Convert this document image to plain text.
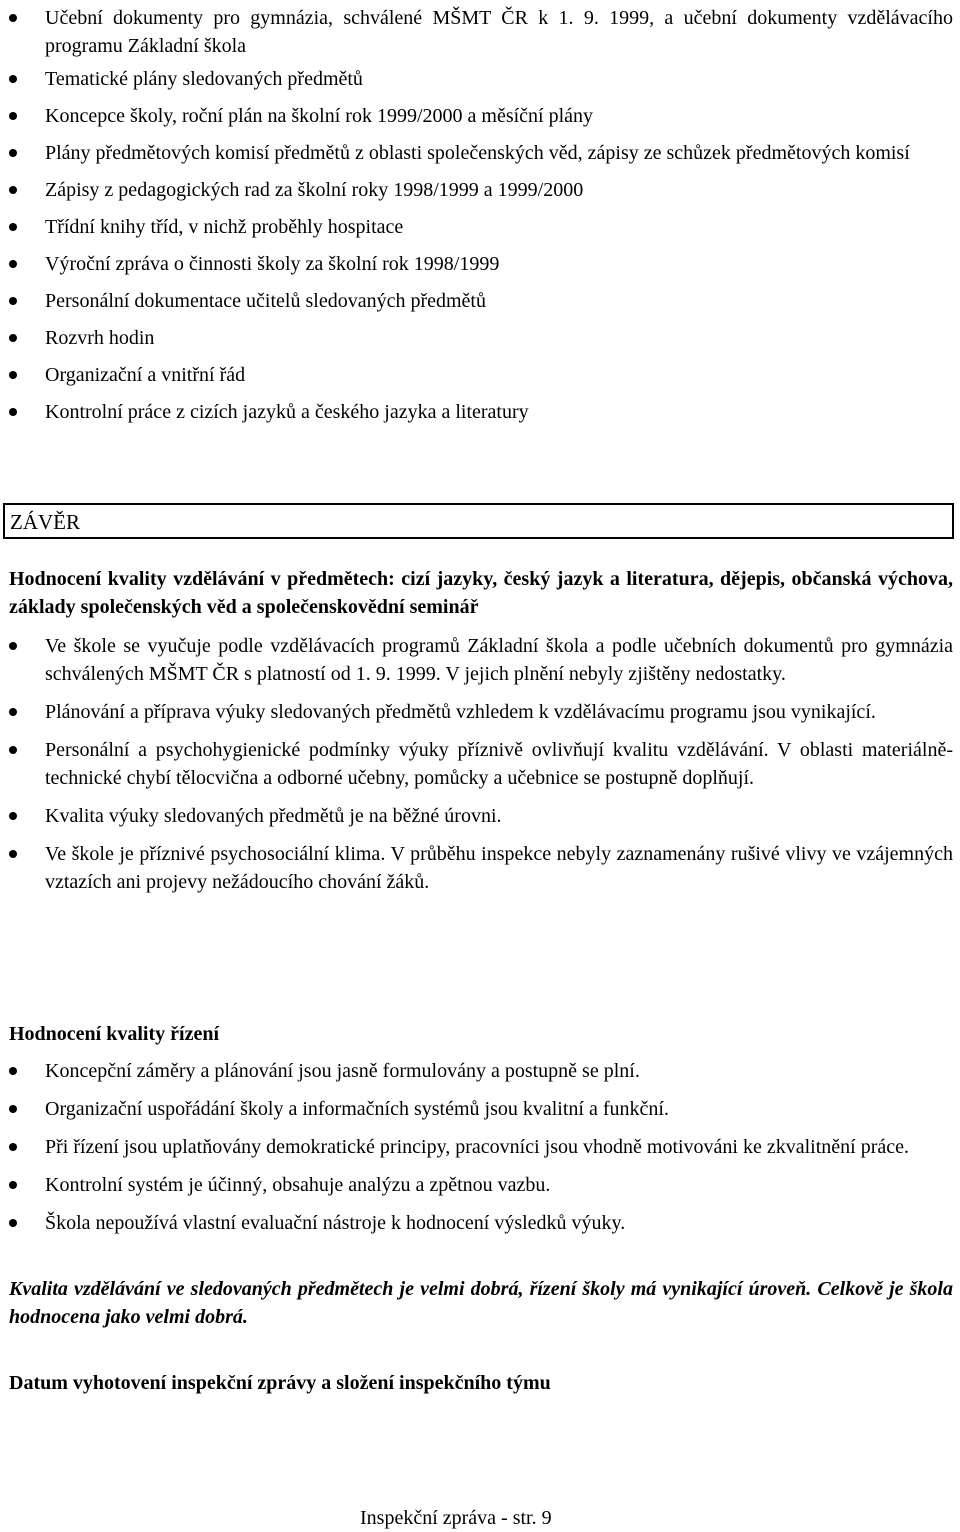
Učební dokumenty pro gymnázia, schválené MŠMT ČR k 1. 9. 1999, a učební dokumenty vzdělávacího programu Základní škola
Tematické plány sledovaných předmětů
Koncepce školy, roční plán na školní rok 1999/2000 a měsíční plány
Plány předmětových komisí předmětů z oblasti společenských věd, zápisy ze schůzek předmětových komisí
Zápisy z pedagogických rad za školní roky 1998/1999 a 1999/2000
Třídní knihy tříd, v nichž proběhly hospitace
Výroční zpráva o činnosti školy za školní rok 1998/1999
Personální dokumentace učitelů sledovaných předmětů
Rozvrh hodin
Organizační a vnitřní řád
Kontrolní práce z cizích jazyků a českého jazyka a literatury
ZÁVĚR
Hodnocení kvality vzdělávání v předmětech: cizí jazyky, český jazyk a literatura, dějepis, občanská výchova, základy společenských věd a společenskovědní seminář
Ve škole se vyučuje podle vzdělávacích programů Základní škola a podle učebních dokumentů pro gymnázia schválených MŠMT ČR s platností od 1. 9. 1999. V jejich plnění nebyly zjištěny nedostatky.
Plánování a příprava výuky sledovaných předmětů vzhledem k vzdělávacímu programu jsou vynikající.
Personální a psychohygienické podmínky výuky příznivě ovlivňují kvalitu vzdělávání. V oblasti materiálně-technické chybí tělocvična a odborné učebny, pomůcky a učebnice se postupně doplňují.
Kvalita výuky sledovaných předmětů je na běžné úrovni.
Ve škole je příznivé psychosociální klima. V průběhu inspekce nebyly zaznamenány rušivé vlivy ve vzájemných vztazích ani projevy nežádoucího chování žáků.
Hodnocení kvality řízení
Koncepční záměry a plánování jsou jasně formulovány a postupně se plní.
Organizační uspořádání školy a informačních systémů jsou kvalitní a funkční.
Při řízení jsou uplatňovány demokratické principy, pracovníci jsou vhodně motivováni ke zkvalitnění práce.
Kontrolní systém je účinný, obsahuje analýzu a zpětnou vazbu.
Škola nepoužívá vlastní evaluační nástroje k hodnocení výsledků výuky.
Kvalita vzdělávání ve sledovaných předmětech je velmi dobrá, řízení školy má vynikající úroveň. Celkově je škola hodnocena jako velmi dobrá.
Datum vyhotovení inspekční zprávy a složení inspekčního týmu
Inspekční zpráva - str. 9
